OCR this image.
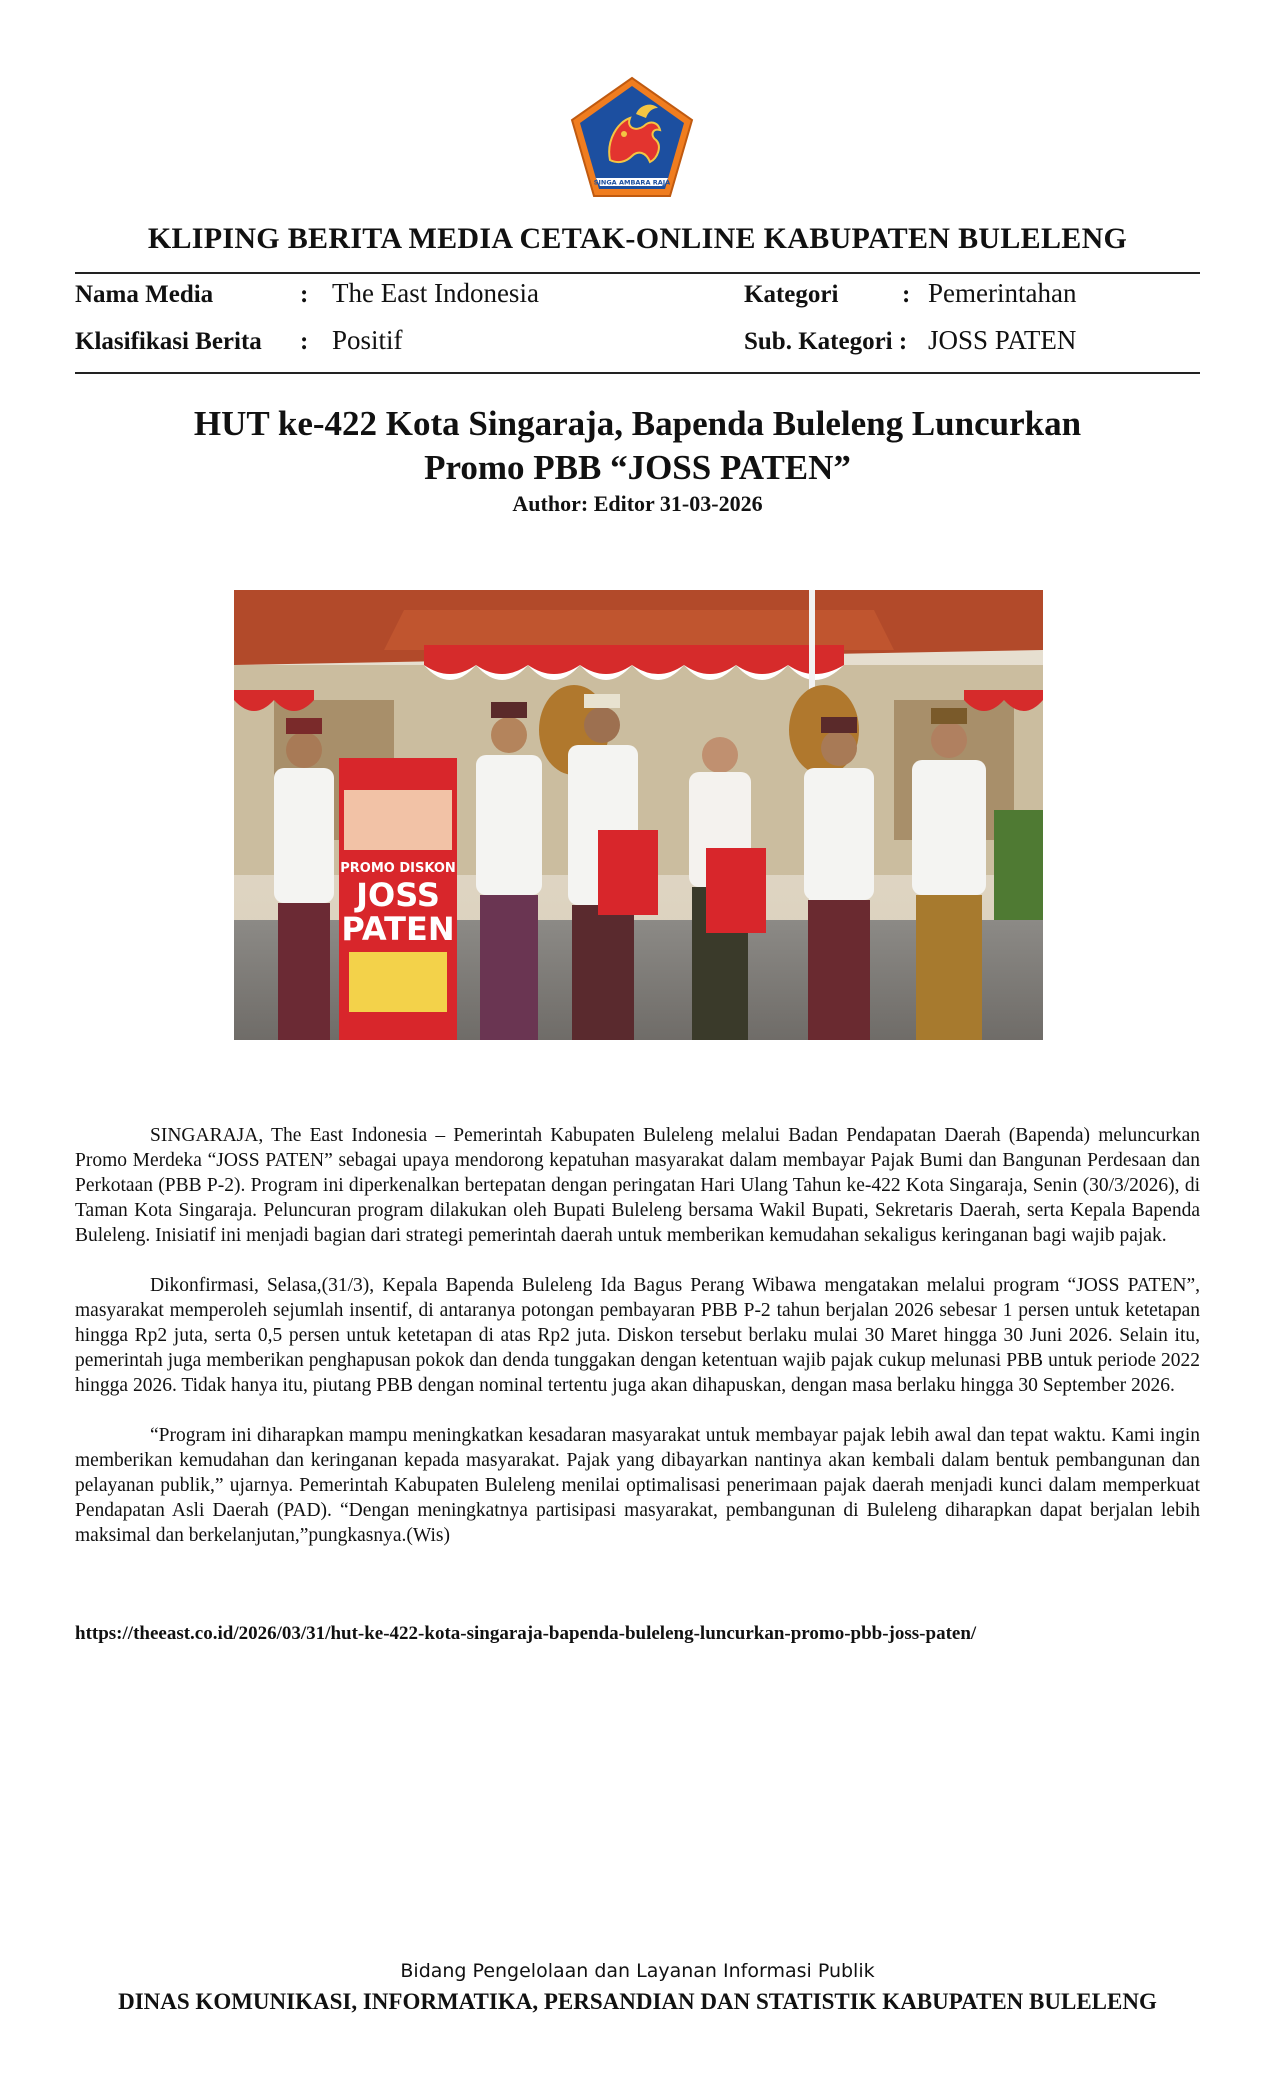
SINGA AMBARA RAJA
KLIPING BERITA MEDIA CETAK-ONLINE KABUPATEN BULELENG
Nama Media	: The East Indonesia	Kategori	: Pemerintahan
Klasifikasi Berita : Positif	Sub. Kategori : JOSS PATEN
HUT ke-422 Kota Singaraja, Bapenda Buleleng Luncurkan
Promo PBB “JOSS PATEN”
Author: Editor 31-03-2026
PROMO DISKON
JOSS
PATEN

SINGARAJA, The East Indonesia – Pemerintah Kabupaten Buleleng melalui Badan Pendapatan Daerah (Bapenda) meluncurkan Promo Merdeka “JOSS PATEN” sebagai upaya mendorong kepatuhan masyarakat dalam membayar Pajak Bumi dan Bangunan Perdesaan dan Perkotaan (PBB P-2). Program ini diperkenalkan bertepatan dengan peringatan Hari Ulang Tahun ke-422 Kota Singaraja, Senin (30/3/2026), di Taman Kota Singaraja. Peluncuran program dilakukan oleh Bupati Buleleng bersama Wakil Bupati, Sekretaris Daerah, serta Kepala Bapenda Buleleng. Inisiatif ini menjadi bagian dari strategi pemerintah daerah untuk memberikan kemudahan sekaligus keringanan bagi wajib pajak.

Dikonfirmasi, Selasa,(31/3), Kepala Bapenda Buleleng Ida Bagus Perang Wibawa mengatakan melalui program “JOSS PATEN”, masyarakat memperoleh sejumlah insentif, di antaranya potongan pembayaran PBB P-2 tahun berjalan 2026 sebesar 1 persen untuk ketetapan hingga Rp2 juta, serta 0,5 persen untuk ketetapan di atas Rp2 juta. Diskon tersebut berlaku mulai 30 Maret hingga 30 Juni 2026. Selain itu, pemerintah juga memberikan penghapusan pokok dan denda tunggakan dengan ketentuan wajib pajak cukup melunasi PBB untuk periode 2022 hingga 2026. Tidak hanya itu, piutang PBB dengan nominal tertentu juga akan dihapuskan, dengan masa berlaku hingga 30 September 2026.

“Program ini diharapkan mampu meningkatkan kesadaran masyarakat untuk membayar pajak lebih awal dan tepat waktu. Kami ingin memberikan kemudahan dan keringanan kepada masyarakat. Pajak yang dibayarkan nantinya akan kembali dalam bentuk pembangunan dan pelayanan publik,” ujarnya. Pemerintah Kabupaten Buleleng menilai optimalisasi penerimaan pajak daerah menjadi kunci dalam memperkuat Pendapatan Asli Daerah (PAD). “Dengan meningkatnya partisipasi masyarakat, pembangunan di Buleleng diharapkan dapat berjalan lebih maksimal dan berkelanjutan,”pungkasnya.(Wis)

https://theeast.co.id/2026/03/31/hut-ke-422-kota-singaraja-bapenda-buleleng-luncurkan-promo-pbb-joss-paten/
Bidang Pengelolaan dan Layanan Informasi Publik
DINAS KOMUNIKASI, INFORMATIKA, PERSANDIAN DAN STATISTIK KABUPATEN BULELENG
